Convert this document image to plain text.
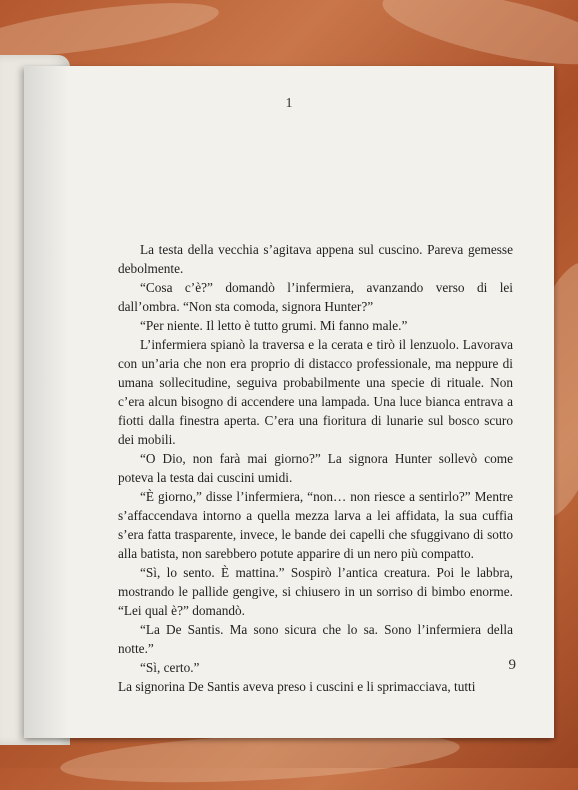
1

La testa della vecchia s’agitava appena sul cuscino. Pareva gemesse debolmente.

“Cosa c’è?” domandò l’infermiera, avanzando verso di lei dall’ombra. “Non sta comoda, signora Hunter?”

“Per niente. Il letto è tutto grumi. Mi fanno male.”

L’infermiera spianò la traversa e la cerata e tirò il lenzuolo. Lavorava con un’aria che non era proprio di distacco professionale, ma neppure di umana sollecitudine, seguiva probabilmente una specie di rituale. Non c’era alcun bisogno di accendere una lampada. Una luce bianca entrava a fiotti dalla finestra aperta. C’era una fioritura di lunarie sul bosco scuro dei mobili.

“O Dio, non farà mai giorno?” La signora Hunter sollevò come poteva la testa dai cuscini umidi.

“È giorno,” disse l’infermiera, “non… non riesce a sentirlo?” Mentre s’affaccendava intorno a quella mezza larva a lei affidata, la sua cuffia s’era fatta trasparente, invece, le bande dei capelli che sfuggivano di sotto alla batista, non sarebbero potute apparire di un nero più compatto.

“Sì, lo sento. È mattina.” Sospirò l’antica creatura. Poi le labbra, mostrando le pallide gengive, si chiusero in un sorriso di bimbo enorme. “Lei qual è?” domandò.

“La De Santis. Ma sono sicura che lo sa. Sono l’infermiera della notte.”

“Sì, certo.”

La signorina De Santis aveva preso i cuscini e li sprimacciava, tutti

9
